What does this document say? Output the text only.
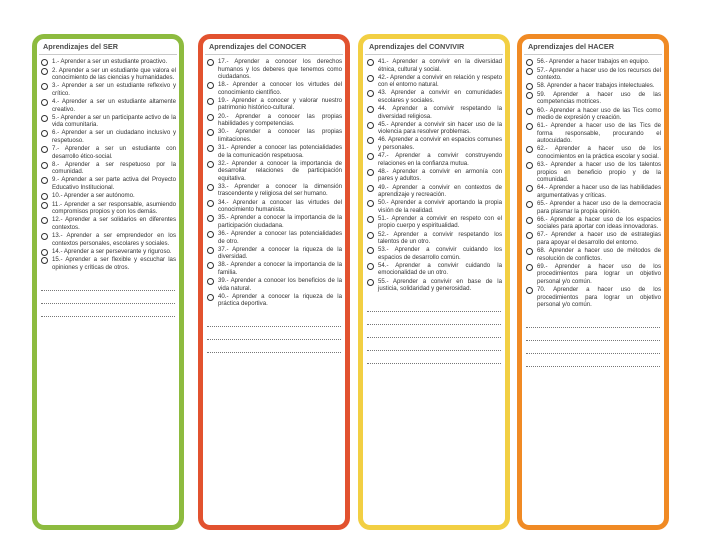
Aprendizajes del SER
1.- Aprender a ser un estudiante proactivo.
2. Aprender a ser un estudiante que valora el conocimiento de las ciencias y humanidades.
3.- Aprender a ser un estudiante reflexivo y crítico.
4.- Aprender a ser un estudiante altamente creativo.
5.- Aprender a ser un participante activo de la vida comunitaria.
6.- Aprender a ser un ciudadano inclusivo y respetuoso.
7.- Aprender a ser un estudiante con desarrollo ético-social.
8.- Aprender a ser respetuoso por la comunidad.
9.- Aprender a ser parte activa del Proyecto Educativo Institucional.
10.- Aprender a ser autónomo.
11.- Aprender a ser responsable, asumiendo compromisos propios y con los demás.
12.- Aprender a ser solidarios en diferentes contextos.
13.- Aprender a ser emprendedor en los contextos personales, escolares y sociales.
14.- Aprender a ser perseverante y riguroso.
15.- Aprender a ser flexible y escuchar las opiniones y críticas de otros.
Aprendizajes del CONOCER
17.- Aprender a conocer los derechos humanos y los deberes que tenemos como ciudadanos.
18.- Aprender a conocer los virtudes del conocimiento científico.
19.- Aprender a conocer y valorar nuestro patrimonio histórico-cultural.
20.- Aprender a conocer las propias habilidades y competencias.
30.- Aprender a conocer las propias limitaciones.
31.- Aprender a conocer las potencialidades de la comunicación respetuosa.
32.- Aprender a conocer la importancia de desarrollar relaciones de participación equitativa.
33.- Aprender a conocer la dimensión trascendente y religiosa del ser humano.
34.- Aprender a conocer las virtudes del conocimiento humanista.
35.- Aprender a conocer la importancia de la participación ciudadana.
36.- Aprender a conocer las potencialidades de otro.
37.- Aprender a conocer la riqueza de la diversidad.
38.- Aprender a conocer la importancia de la familia.
39.- Aprender a conocer los beneficios de la vida natural.
40.- Aprender a conocer la riqueza de la práctica deportiva.
Aprendizajes del CONVIVIR
41.- Aprender a convivir en la diversidad étnica, cultural y social.
42.- Aprender a convivir en relación y respeto con el entorno natural.
43. Aprender a convivir en comunidades escolares y sociales.
44. Aprender a convivir respetando la diversidad religiosa.
45.- Aprender a convivir sin hacer uso de la violencia para resolver problemas.
46. Aprender a convivir en espacios comunes y personales.
47.- Aprender a convivir construyendo relaciones en la confianza mutua.
48.- Aprender a convivir en armonía con pares y adultos.
49.- Aprender a convivir en contextos de aprendizaje y recreación.
50.- Aprender a convivir aportando la propia visión de la realidad.
51.- Aprender a convivir en respeto con el propio cuerpo y espiritualidad.
52.- Aprender a convivir respetando los talentos de un otro.
53.- Aprender a convivir cuidando los espacios de desarrollo común.
54.- Aprender a convivir cuidando la emocionalidad de un otro.
55.- Aprender a convivir en base de la justicia, solidaridad y generosidad.
Aprendizajes del HACER
56.- Aprender a hacer trabajos en equipo.
57.- Aprender a hacer uso de los recursos del contexto.
58. Aprender a hacer trabajos intelectuales.
59. Aprender a hacer uso de las competencias motrices.
60.- Aprender a hacer uso de las Tics como medio de expresión y creación.
61.- Aprender a hacer uso de las Tics de forma responsable, procurando el autocuidado.
62.- Aprender a hacer uso de los conocimientos en la práctica escolar y social.
63.- Aprender a hacer uso de los talentos propios en beneficio propio y de la comunidad.
64.- Aprender a hacer uso de las habilidades argumentativas y críticas.
65.- Aprender a hacer uso de la democracia para plasmar la propia opinión.
66.- Aprender a hacer uso de los espacios sociales para aportar con ideas innovadoras.
67.- Aprender a hacer uso de estrategias para apoyar el desarrollo del entorno.
68. Aprender a hacer uso de métodos de resolución de conflictos.
69.- Aprender a hacer uso de los procedimientos para lograr un objetivo personal y/o común.
70. Aprender a hacer uso de los procedimientos para lograr un objetivo personal y/o común.
